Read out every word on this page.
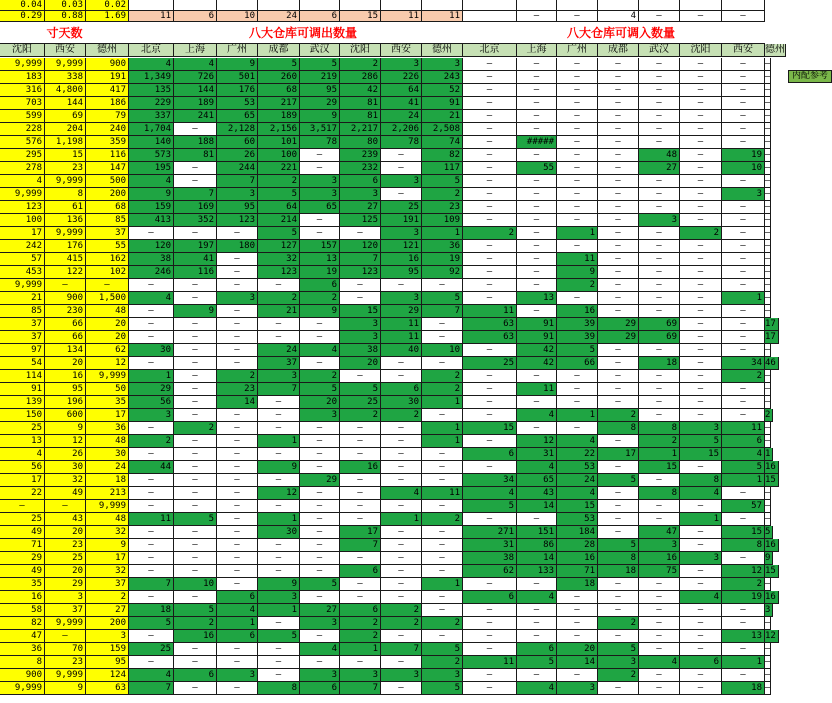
0.04	0.03	0.02
0.29	0.88	1.69	11	6	10	24	6	15	11	11	–	–	4	–	–	–
寸天数	八大仓库可调出数量	八大仓库可调入数量
沈阳	西安	德州	北京	上海	广州	成都	武汉	沈阳	西安	德州	北京	上海	广州	成都	武汉	沈阳	西安	德州
9,999	9,999	900	4	4	9	5	5	2	3	3	–	–	–	–	–	–	–	–
183	338	191	1,349	726	501	260	219	286	226	243	–	–	–	–	–	–	–	–
316	4,800	417	135	144	176	68	95	42	64	52	–	–	–	–	–	–	–	–
703	144	186	229	189	53	217	29	81	41	91	–	–	–	–	–	–	–	–
599	69	79	337	241	65	189	9	81	24	21	–	–	–	–	–	–	–	–
228	204	240	1,704	–	2,128	2,156	3,517	2,217	2,206	2,508	–	–	–	–	–	–	–	–
576	1,198	359	140	188	60	101	78	80	78	74	–	#####	–	–	–	–	–	–
295	15	116	573	81	26	100	–	239	–	82	–	–	–	–	48	–	19 –
278	23	147	195	–	244	221	–	232	–	117	–	55	–	–	27	–	10 –
4	9,999	500	4	–	7	2	3	6	3	5	–	–	–	–	–	–	–	–
9,999	8	200	9	7	3	5	3	3	–	2	–	–	–	–	–	–	3 –
123	61	68	159	169	95	64	65	27	25	23	–	–	–	–	–	–	–	–
100	136	85	413	352	123	214	–	125	191	109	–	–	–	–	3	–	–	–
17	9,999	37	–	–	–	5	–	–	3	1	2	–	1	–	–	2	–	–
242	176	55	120	197	180	127	157	120	121	36	–	–	–	–	–	–	–	–
57	415	162	38	41	–	32	13	7	16	19	–	–	11	–	–	–	–	–
453	122	102	246	116	–	123	19	123	95	92	–	–	9	–	–	–	–	–
9,999	–	–	–	–	–	–	6	–	–	–	–	–	2	–	–	–	–	–
21	900	1,500	4	–	3	2	2	–	3	5	–	13	–	–	–	–	1 –
85	230	48	–	9	–	21	9	15	29	7	11	–	16	–	–	–	–	–
37	66	20	–	–	–	–	–	3	11	–	63	91	39	29	69	–	–	17
37	66	20	–	–	–	–	–	3	11	–	63	91	39	29	69	–	–	17
97	134	62	30	–	–	24	4	38	40	10	–	42	5	–	–	–	–	–
54	20	12	–	–	–	37	–	20	–	–	25	42	66	–	18	–	34 46
114	16	9,999	1	–	2	3	2	–	–	2	–	–	–	–	–	–	2 –
91	95	50	29	–	23	7	5	5	6	2	–	11	–	–	–	–	–	–
139	196	35	56	–	14	–	20	25	30	1	–	–	–	–	–	–	–	–
150	600	17	3	–	–	–	3	2	2	–	–	4	1	2	–	–	–	2
25	9	36	–	2	–	–	–	–	–	1	15	–	–	8	8	3	11 –
13	12	48	2	–	–	1	–	–	–	1	–	12	4	–	2	5	6 –
4	26	30	–	–	–	–	–	–	–	–	6	31	22	17	1	15	4 1
56	30	24	44	–	–	9	–	16	–	–	–	4	53	–	15	–	5 16
17	32	18	–	–	–	–	29	–	–	–	34	65	24	5	–	8	1 15
22	49	213	–	–	–	12	–	–	4	11	4	43	4	–	8	4	–	–
–	–	9,999	–	–	–	–	–	–	–	–	5	14	15	–	–	–	57 –
25	43	48	11	5	–	1	–	–	1	2	–	–	53	–	–	1	–	–
49	20	32	–	–	–	30	–	17	–	–	271	151	184	–	47	–	15 5
71	23	9	–	–	–	–	–	7	–	–	31	86	28	5	3	–	8 16
29	25	17	–	–	–	–	–	–	–	–	38	14	16	8	16	3	–	9
49	20	32	–	–	–	–	–	6	–	–	62	133	71	18	75	–	12 15
35	29	37	7	10	–	9	5	–	–	1	–	–	18	–	–	–	2 –
16	3	2	–	–	6	3	–	–	–	–	6	4	–	–	–	4	19 16
58	37	27	18	5	4	1	27	6	2	–	–	–	–	–	–	–	–	3
82	9,999	200	5	2	1	–	3	2	2	2	–	–	–	2	–	–	–	–
47	–	3	–	16	6	5	–	2	–	–	–	–	–	–	–	–	13 12
36	70	159	25	–	–	–	4	1	7	5	–	6	20	5	–	–	–	–
8	23	95	–	–	–	–	–	–	–	2	11	5	14	3	4	6	1 –
900	9,999	124	4	6	3	–	3	3	3	3	–	–	–	2	–	–	–	–
9,999	9	63	7	–	–	8	6	7	–	5	–	4	3	–	–	–	18 –
内配参考
